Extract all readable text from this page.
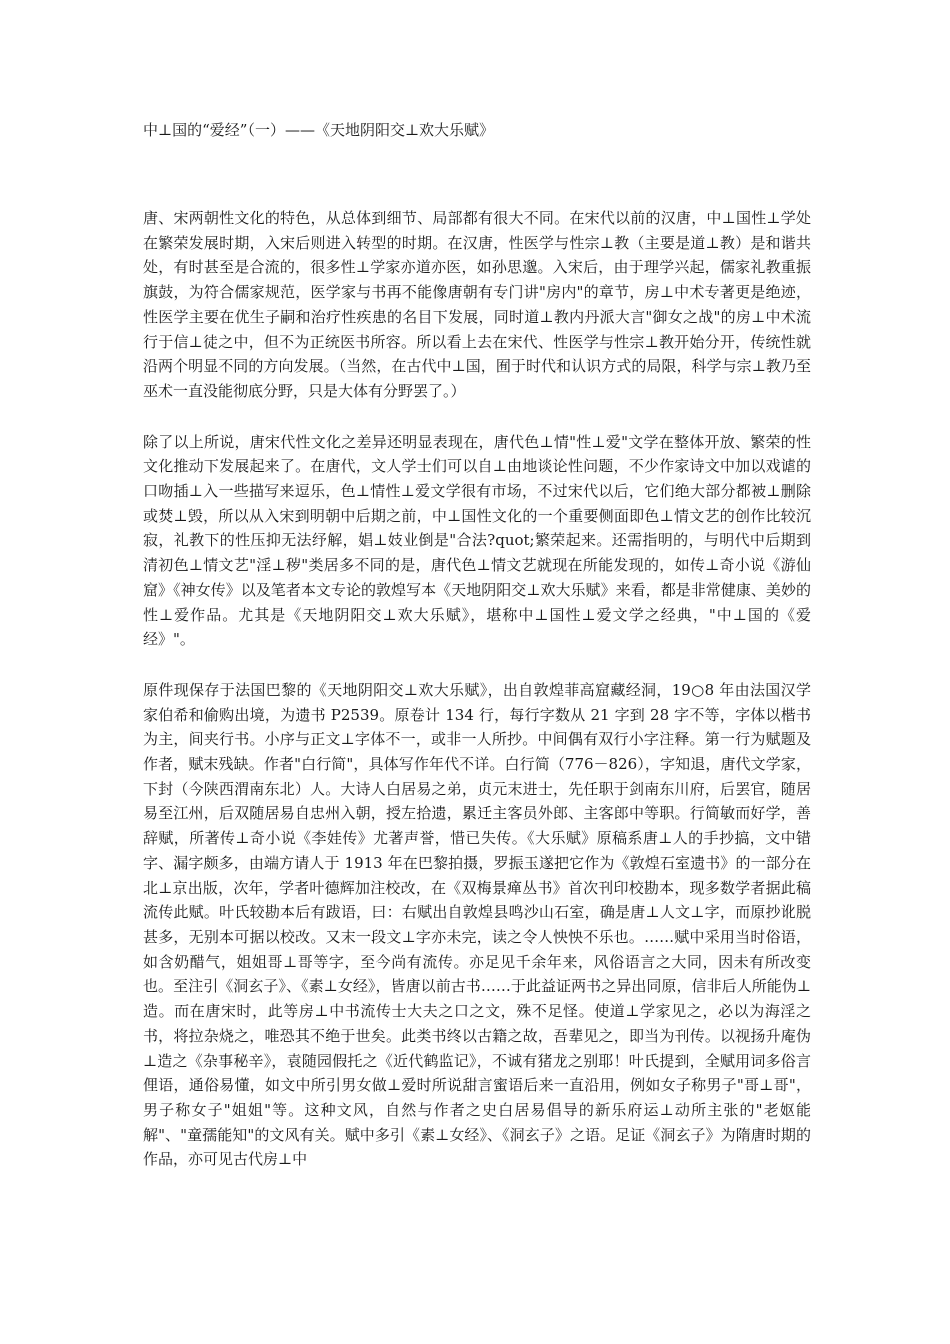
中⊥国的“爱经”（一）——《天地阴阳交⊥欢大乐赋》

唐、宋两朝性文化的特色，从总体到细节、局部都有很大不同。在宋代以前的汉唐，中⊥国性⊥学处在繁荣发展时期，入宋后则进入转型的时期。在汉唐，性医学与性宗⊥教（主要是道⊥教）是和谐共处，有时甚至是合流的，很多性⊥学家亦道亦医，如孙思邈。入宋后，由于理学兴起，儒家礼教重振旗鼓，为符合儒家规范，医学家与书再不能像唐朝有专门讲"房内"的章节，房⊥中术专著更是绝迹，性医学主要在优生子嗣和治疗性疾患的名目下发展，同时道⊥教内丹派大言"御女之战"的房⊥中术流行于信⊥徒之中，但不为正统医书所容。所以看上去在宋代、性医学与性宗⊥教开始分开，传统性就沿两个明显不同的方向发展。（当然，在古代中⊥国，囿于时代和认识方式的局限，科学与宗⊥教乃至巫术一直没能彻底分野，只是大体有分野罢了。）

除了以上所说，唐宋代性文化之差异还明显表现在，唐代色⊥情"性⊥爱"文学在整体开放、繁荣的性文化推动下发展起来了。在唐代，文人学士们可以自⊥由地谈论性问题，不少作家诗文中加以戏谑的口吻插⊥入一些描写来逗乐，色⊥情性⊥爱文学很有市场，不过宋代以后，它们绝大部分都被⊥删除或焚⊥毁，所以从入宋到明朝中后期之前，中⊥国性文化的一个重要侧面即色⊥情文艺的创作比较沉寂，礼教下的性压抑无法纾解，娼⊥妓业倒是"合法?quot;繁荣起来。还需指明的，与明代中后期到清初色⊥情文艺"淫⊥秽"类居多不同的是，唐代色⊥情文艺就现在所能发现的，如传⊥奇小说《游仙窟》《神女传》以及笔者本文专论的敦煌写本《天地阴阳交⊥欢大乐赋》来看，都是非常健康、美妙的性⊥爱作品。尤其是《天地阴阳交⊥欢大乐赋》，堪称中⊥国性⊥爱文学之经典，"中⊥国的《爱经》"。

原件现保存于法国巴黎的《天地阴阳交⊥欢大乐赋》，出自敦煌菲高窟藏经洞，19○8 年由法国汉学家伯希和偷购出境，为遗书 P2539。原卷计 134 行，每行字数从 21 字到 28 字不等，字体以楷书为主，间夹行书。小序与正文⊥字体不一，或非一人所抄。中间偶有双行小字注释。第一行为赋题及作者，赋末残缺。作者"白行简"，具体写作年代不详。白行简（776－826），字知退，唐代文学家，下封（今陕西渭南东北）人。大诗人白居易之弟，贞元末进士，先任职于剑南东川府，后罢官，随居易至江州，后双随居易自忠州入朝，授左拾遗，累迁主客员外郎、主客郎中等职。行简敏而好学，善辞赋，所著传⊥奇小说《李娃传》尤著声誉，惜已失传。《大乐赋》原稿系唐⊥人的手抄搞，文中错字、漏字颇多，由端方请人于 1913 年在巴黎拍摄，罗振玉遂把它作为《敦煌石室遗书》的一部分在北⊥京出版，次年，学者叶德辉加注校改，在《双梅景瘅丛书》首次刊印校勘本，现多数学者据此稿流传此赋。叶氏较勘本后有跋语，曰：右赋出自敦煌县鸣沙山石室，确是唐⊥人文⊥字，而原抄讹脱甚多，无别本可据以校改。又末一段文⊥字亦未完，读之令人怏怏不乐也。……赋中采用当时俗语，如含奶醋气，姐姐哥⊥哥等字，至今尚有流传。亦足见千余年来，风俗语言之大同，因未有所改变也。至注引《洞玄子》、《素⊥女经》，皆唐以前古书……于此益证两书之异出同原，信非后人所能伪⊥造。而在唐宋时，此等房⊥中书流传士大夫之口之文，殊不足怪。使道⊥学家见之，必以为海淫之书，将拉杂烧之，唯恐其不绝于世矣。此类书终以古籍之故，吾辈见之，即当为刊传。以视扬升庵伪⊥造之《杂事秘辛》，袁随园假托之《近代鹤监记》，不诚有猪龙之别耶！叶氏提到，全赋用词多俗言俚语，通俗易懂，如文中所引男女做⊥爱时所说甜言蜜语后来一直沿用，例如女子称男子"哥⊥哥"，男子称女子"姐姐"等。这种文风，自然与作者之史白居易倡导的新乐府运⊥动所主张的"老妪能解"、"童孺能知"的文风有关。赋中多引《素⊥女经》、《洞玄子》之语。足证《洞玄子》为隋唐时期的作品，亦可见古代房⊥中
